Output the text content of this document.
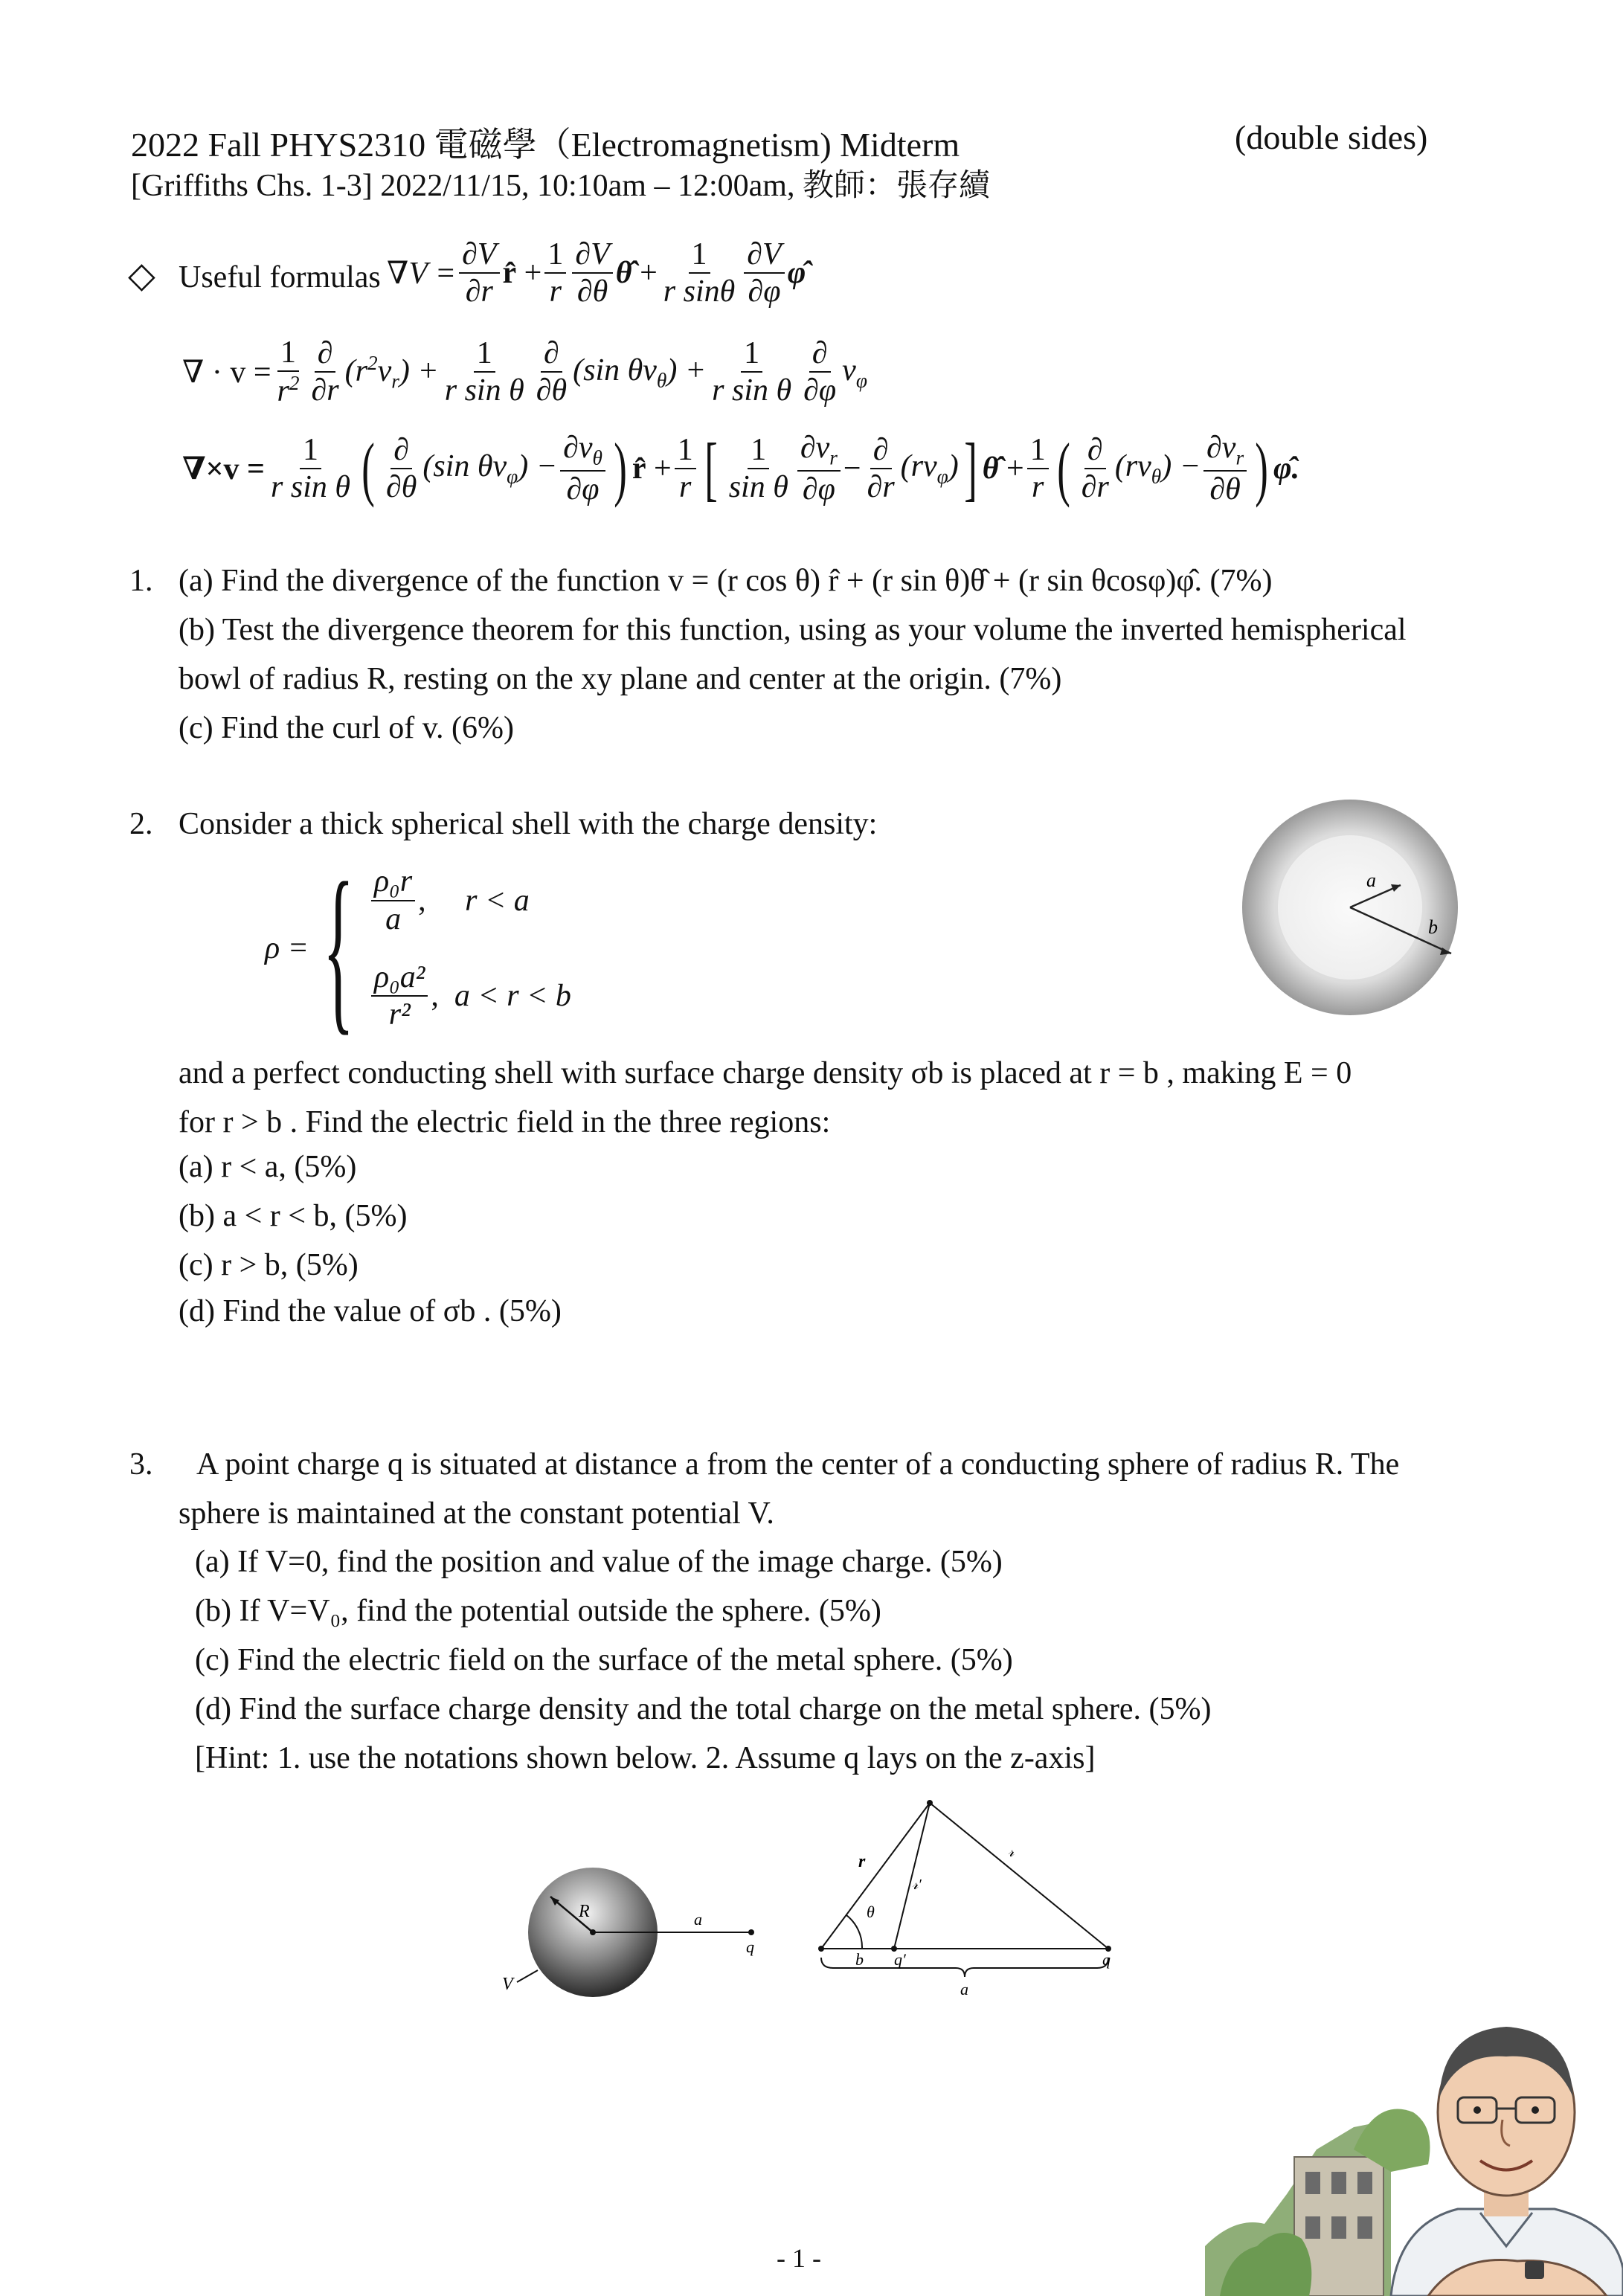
2022 Fall PHYS2310 電磁學（Electromagnetism) Midterm	(double sides)
[Griffiths Chs. 1-3] 2022/11/15, 10:10am – 12:00am, 教師：張存續
◇ Useful formulas $\nabla V = \frac{\partial V}{\partial r}$ r̂ + $\frac{1}{r} \frac{\partial V}{\partial\theta}$ θ̂ + $\frac{1}{\text{r sinθ}} \frac{\partial V}{\partial\varphi}$ φ̂
∇ · $v = \frac{1}{r^2} \frac{\partial}{\partial r} (r^2v_r) + \frac{1}{\text{r sin θ}} \frac{\partial}{\partial\theta} (\sin$ $\theta v_\theta) + \frac{1}{\text{r sin θ}} \frac{\partial}{\partial\varphi} v_\varphi$
$\nabla\times v = \frac{1}{\text{r sin θ}}$ ( $\frac{\partial}{\partial\theta} (\sin$ $\theta v_\varphi) - \frac{\partial v_\theta}{\partial\varphi}$ ) r̂ + $\frac{1}{r}$ [ $\frac{1}{\text{sin θ}} \frac{\partial v_r}{\partial\varphi} - \frac{\partial}{\partial r} (rv_\varphi)$ ] θ̂ + $\frac{1}{r}$ ( $\frac{\partial}{\partial r} (rv_\theta) - \frac{\partial v_r}{\partial\theta}$ ) φ̂.
1. (a) Find the divergence of the function v = (r cos θ) r̂ + (r sin θ)θ̂ + (r sin θcosφ)φ̂. (7%)
(b) Test the divergence theorem for this function, using as your volume the inverted hemispherical
bowl of radius R, resting on the xy plane and center at the origin. (7%)
(c) Find the curl of v. (6%)
2. Consider a thick spherical shell with the charge density:
ρ = { $\frac{\text{ρ₀r}}{a}$ , r < a
$\frac{\text{ρ₀a²}}{\text{r²}}$ , a < r < b
a
b
and a perfect conducting shell with surface charge density σb is placed at r = b , making E = 0
for r > b . Find the electric field in the three regions:
(a) r < a, (5%)
(b) a < r < b, (5%)
(c) r > b, (5%)
(d) Find the value of σb . (5%)
3. A point charge q is situated at distance a from the center of a conducting sphere of radius R. The
sphere is maintained at the constant potential V.
(a) If V=0, find the position and value of the image charge. (5%)
(b) If V=V₀, find the potential outside the sphere. (5%)
(c) Find the electric field on the surface of the metal sphere. (5%)
(d) Find the surface charge density and the total charge on the metal sphere. (5%)
[Hint: 1. use the notations shown below. 2. Assume q lays on the z-axis]
R	a
q
V
r
𝓇′
𝓇
θ
b q′	q
a
- 1 -
